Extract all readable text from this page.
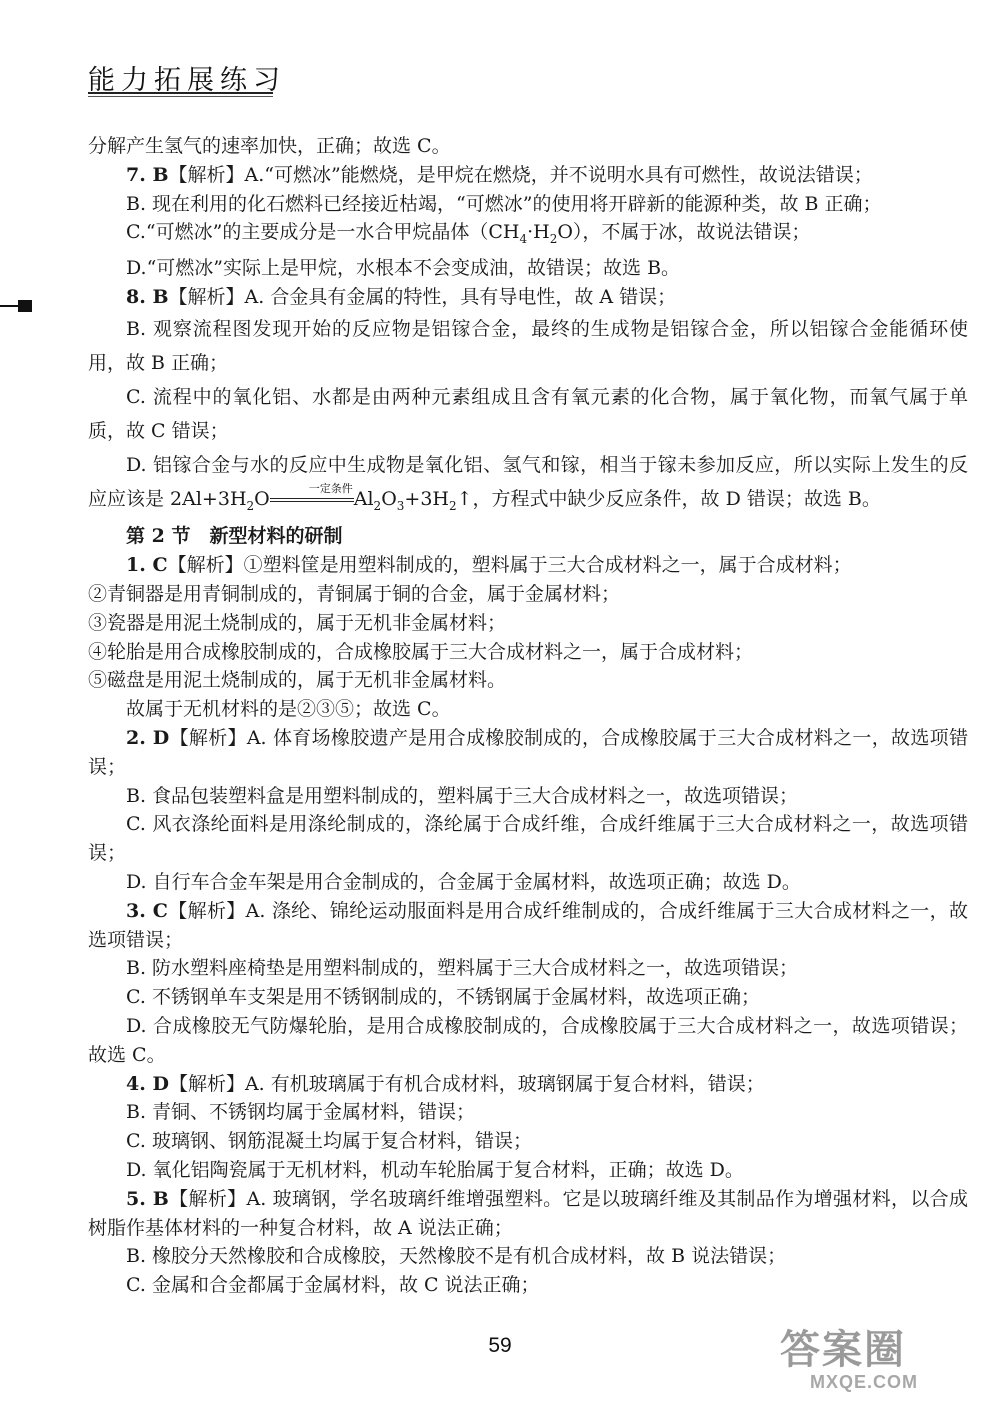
能力拓展练习

分解产生氢气的速率加快，正确；故选 C。

7. B【解析】A.“可燃冰”能燃烧，是甲烷在燃烧，并不说明水具有可燃性，故说法错误；

B. 现在利用的化石燃料已经接近枯竭，“可燃冰”的使用将开辟新的能源种类，故 B 正确；

C.“可燃冰”的主要成分是一水合甲烷晶体$(CH_4\cdot H_2O)$，不属于冰，故说法错误；

D.“可燃冰”实际上是甲烷，水根本不会变成油，故错误；故选 B。

8. B【解析】A. 合金具有金属的特性，具有导电性，故 A 错误；

B. 观察流程图发现开始的反应物是铝镓合金，最终的生成物是铝镓合金，所以铝镓合金能循环使用，故 B 正确；

C. 流程中的氧化铝、水都是由两种元素组成且含有氧元素的化合物，属于氧化物，而氧气属于单质，故 C 错误；

D. 铝镓合金与水的反应中生成物是氧化铝、氢气和镓，相当于镓未参加反应，所以实际上发生的反应应该是 $2Al+3H_2O$	一定条件 $Al_2O_3+3H_2↑$，方程式中缺少反应条件，故 D 错误；故选 B。

第 2 节　新型材料的研制

1. C【解析】①塑料筐是用塑料制成的，塑料属于三大合成材料之一，属于合成材料；

②青铜器是用青铜制成的，青铜属于铜的合金，属于金属材料；

③瓷器是用泥土烧制成的，属于无机非金属材料；

④轮胎是用合成橡胶制成的，合成橡胶属于三大合成材料之一，属于合成材料；

⑤磁盘是用泥土烧制成的，属于无机非金属材料。

故属于无机材料的是②③⑤；故选 C。

2. D【解析】A. 体育场橡胶遗产是用合成橡胶制成的，合成橡胶属于三大合成材料之一，故选项错误；

B. 食品包装塑料盒是用塑料制成的，塑料属于三大合成材料之一，故选项错误；

C. 风衣涤纶面料是用涤纶制成的，涤纶属于合成纤维，合成纤维属于三大合成材料之一，故选项错误；

D. 自行车合金车架是用合金制成的，合金属于金属材料，故选项正确；故选 D。

3. C【解析】A. 涤纶、锦纶运动服面料是用合成纤维制成的，合成纤维属于三大合成材料之一，故选项错误；

B. 防水塑料座椅垫是用塑料制成的，塑料属于三大合成材料之一，故选项错误；

C. 不锈钢单车支架是用不锈钢制成的，不锈钢属于金属材料，故选项正确；

D. 合成橡胶无气防爆轮胎，是用合成橡胶制成的，合成橡胶属于三大合成材料之一，故选项错误；故选 C。

4. D【解析】A. 有机玻璃属于有机合成材料，玻璃钢属于复合材料，错误；

B. 青铜、不锈钢均属于金属材料，错误；

C. 玻璃钢、钢筋混凝土均属于复合材料，错误；

D. 氧化铝陶瓷属于无机材料，机动车轮胎属于复合材料，正确；故选 D。

5. B【解析】A. 玻璃钢，学名玻璃纤维增强塑料。它是以玻璃纤维及其制品作为增强材料，以合成树脂作基体材料的一种复合材料，故 A 说法正确；

B. 橡胶分天然橡胶和合成橡胶，天然橡胶不是有机合成材料，故 B 说法错误；

C. 金属和合金都属于金属材料，故 C 说法正确；

59	答案圈
MXQE.COM
